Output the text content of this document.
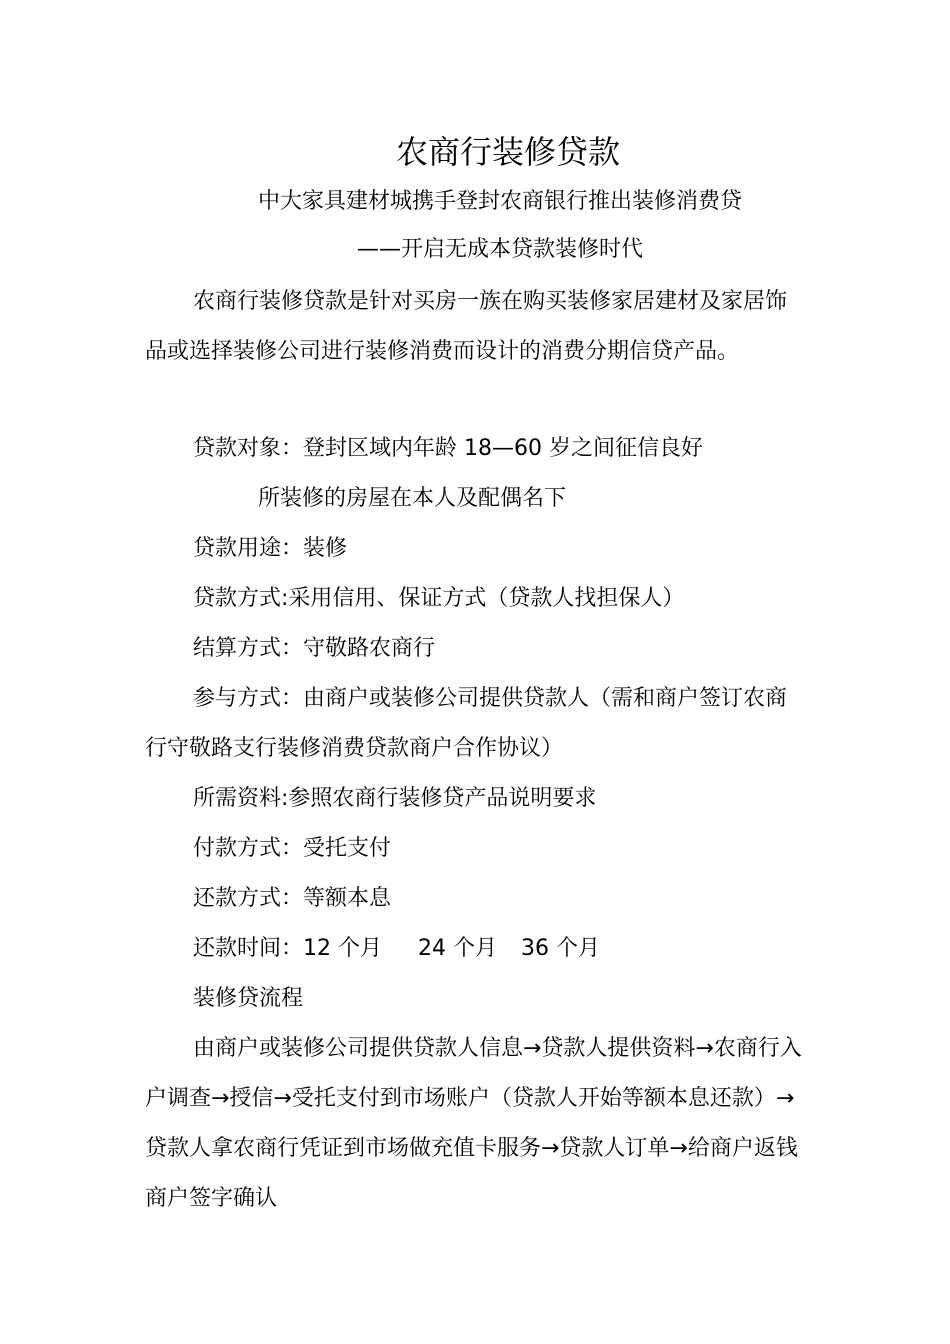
农商行装修贷款

中大家具建材城携手登封农商银行推出装修消费贷

——开启无成本贷款装修时代

农商行装修贷款是针对买房一族在购买装修家居建材及家居饰品或选择装修公司进行装修消费而设计的消费分期信贷产品。

贷款对象：登封区域内年龄 18—60 岁之间征信良好

所装修的房屋在本人及配偶名下

贷款用途：装修

贷款方式:采用信用、保证方式（贷款人找担保人）

结算方式：守敬路农商行

参与方式：由商户或装修公司提供贷款人（需和商户签订农商行守敬路支行装修消费贷款商户合作协议）

所需资料:参照农商行装修贷产品说明要求

付款方式：受托支付

还款方式：等额本息

还款时间：12 个月 24 个月 36 个月

装修贷流程

由商户或装修公司提供贷款人信息→贷款人提供资料→农商行入户调查→授信→受托支付到市场账户（贷款人开始等额本息还款）→贷款人拿农商行凭证到市场做充值卡服务→贷款人订单→给商户返钱 商户签字确认
